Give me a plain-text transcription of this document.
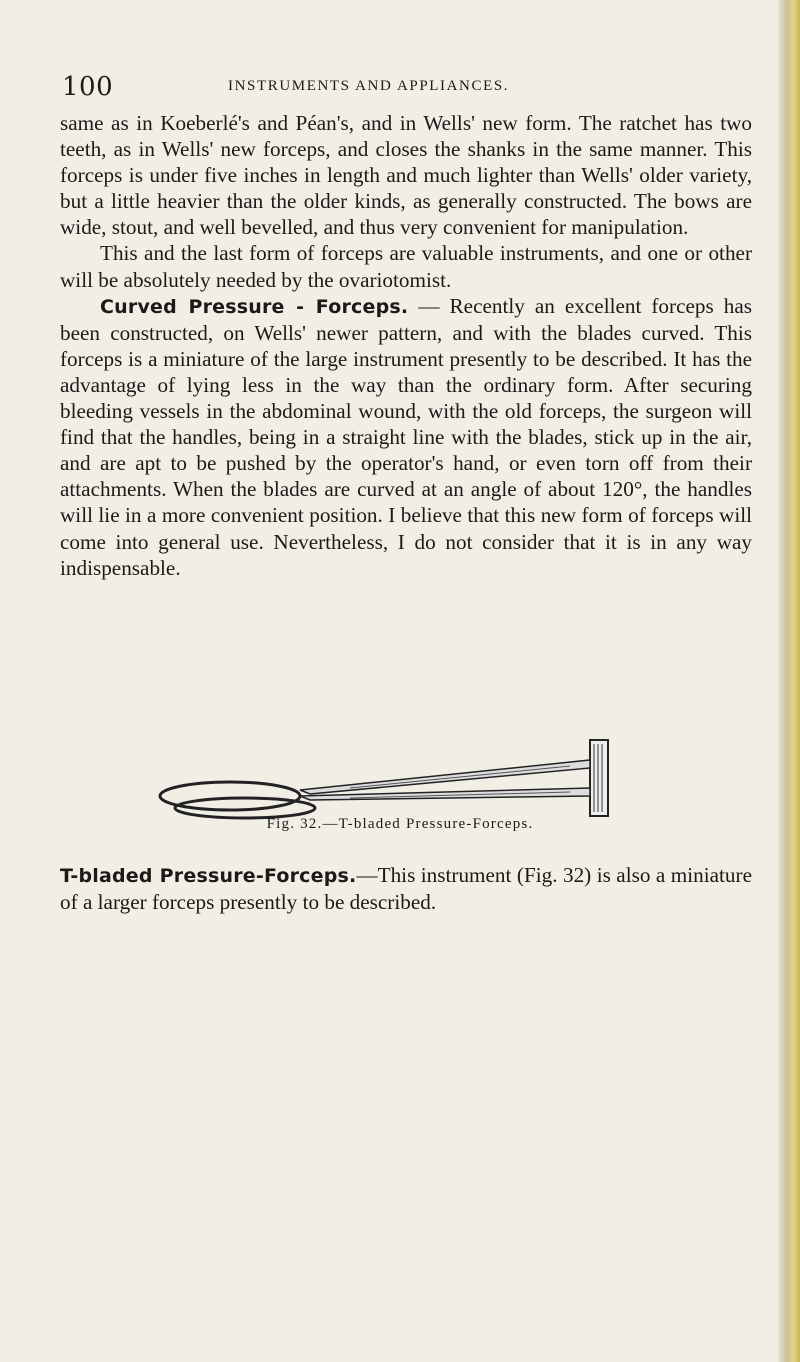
100	INSTRUMENTS AND APPLIANCES.

same as in Koeberlé's and Péan's, and in Wells' new form. The ratchet has two teeth, as in Wells' new forceps, and closes the shanks in the same manner. This forceps is under five inches in length and much lighter than Wells' older variety, but a little heavier than the older kinds, as generally constructed. The bows are wide, stout, and well bevelled, and thus very convenient for manipulation.

This and the last form of forceps are valuable instruments, and one or other will be absolutely needed by the ovariotomist.

Curved Pressure - Forceps. — Recently an excellent forceps has been constructed, on Wells' newer pattern, and with the blades curved. This forceps is a miniature of the large instrument presently to be described. It has the advantage of lying less in the way than the ordinary form. After securing bleeding vessels in the abdominal wound, with the old forceps, the surgeon will find that the handles, being in a straight line with the blades, stick up in the air, and are apt to be pushed by the operator's hand, or even torn off from their attachments. When the blades are curved at an angle of about 120°, the handles will lie in a more convenient position. I believe that this new form of forceps will come into general use. Nevertheless, I do not consider that it is in any way indispensable.

Fig. 32.—T-bladed Pressure-Forceps.
T-bladed Pressure-Forceps.—This instrument (Fig. 32) is also a miniature of a larger forceps presently to be described.
